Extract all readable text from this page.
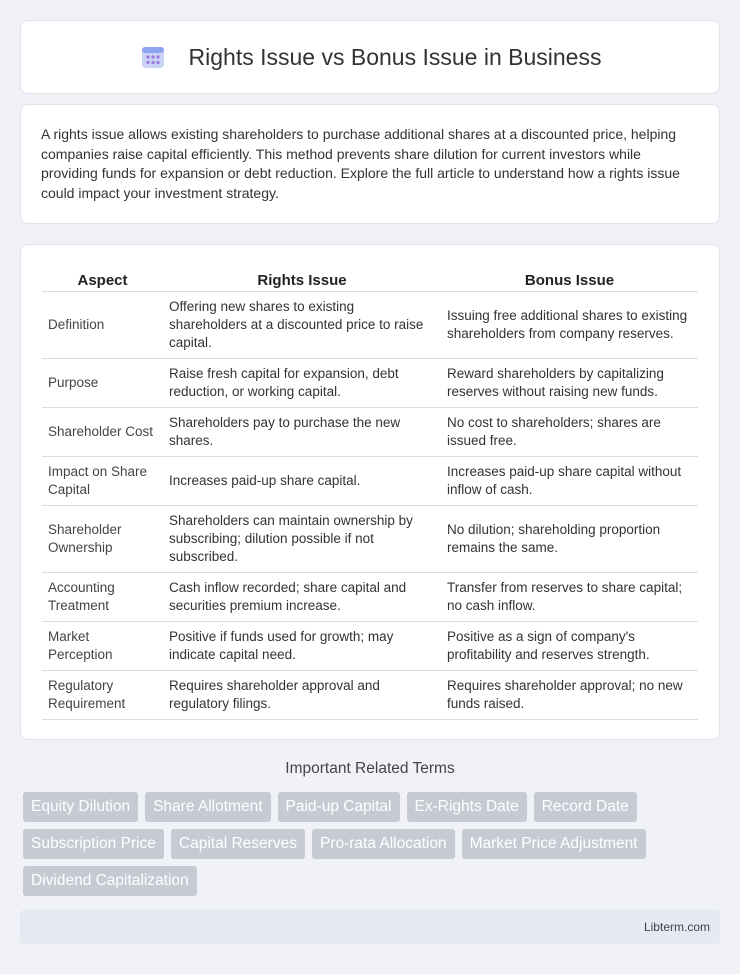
Rights Issue vs Bonus Issue in Business

A rights issue allows existing shareholders to purchase additional shares at a discounted price, helping companies raise capital efficiently. This method prevents share dilution for current investors while providing funds for expansion or debt reduction. Explore the full article to understand how a rights issue could impact your investment strategy.

Aspect	Rights Issue	Bonus Issue
Definition	Offering new shares to existing shareholders at a discounted price to raise capital.	Issuing free additional shares to existing shareholders from company reserves.
Purpose	Raise fresh capital for expansion, debt reduction, or working capital.	Reward shareholders by capitalizing reserves without raising new funds.
Shareholder Cost	Shareholders pay to purchase the new shares.	No cost to shareholders; shares are issued free.
Impact on Share Capital	Increases paid-up share capital.	Increases paid-up share capital without inflow of cash.
Shareholder Ownership	Shareholders can maintain ownership by subscribing; dilution possible if not subscribed.	No dilution; shareholding proportion remains the same.
Accounting Treatment	Cash inflow recorded; share capital and securities premium increase.	Transfer from reserves to share capital; no cash inflow.
Market Perception	Positive if funds used for growth; may indicate capital need.	Positive as a sign of company's profitability and reserves strength.
Regulatory Requirement	Requires shareholder approval and regulatory filings.	Requires shareholder approval; no new funds raised.
Important Related Terms
Equity Dilution	Share Allotment	Paid-up Capital	Ex-Rights Date	Record Date
Subscription Price	Capital Reserves	Pro-rata Allocation	Market Price Adjustment
Dividend Capitalization
Libterm.com
